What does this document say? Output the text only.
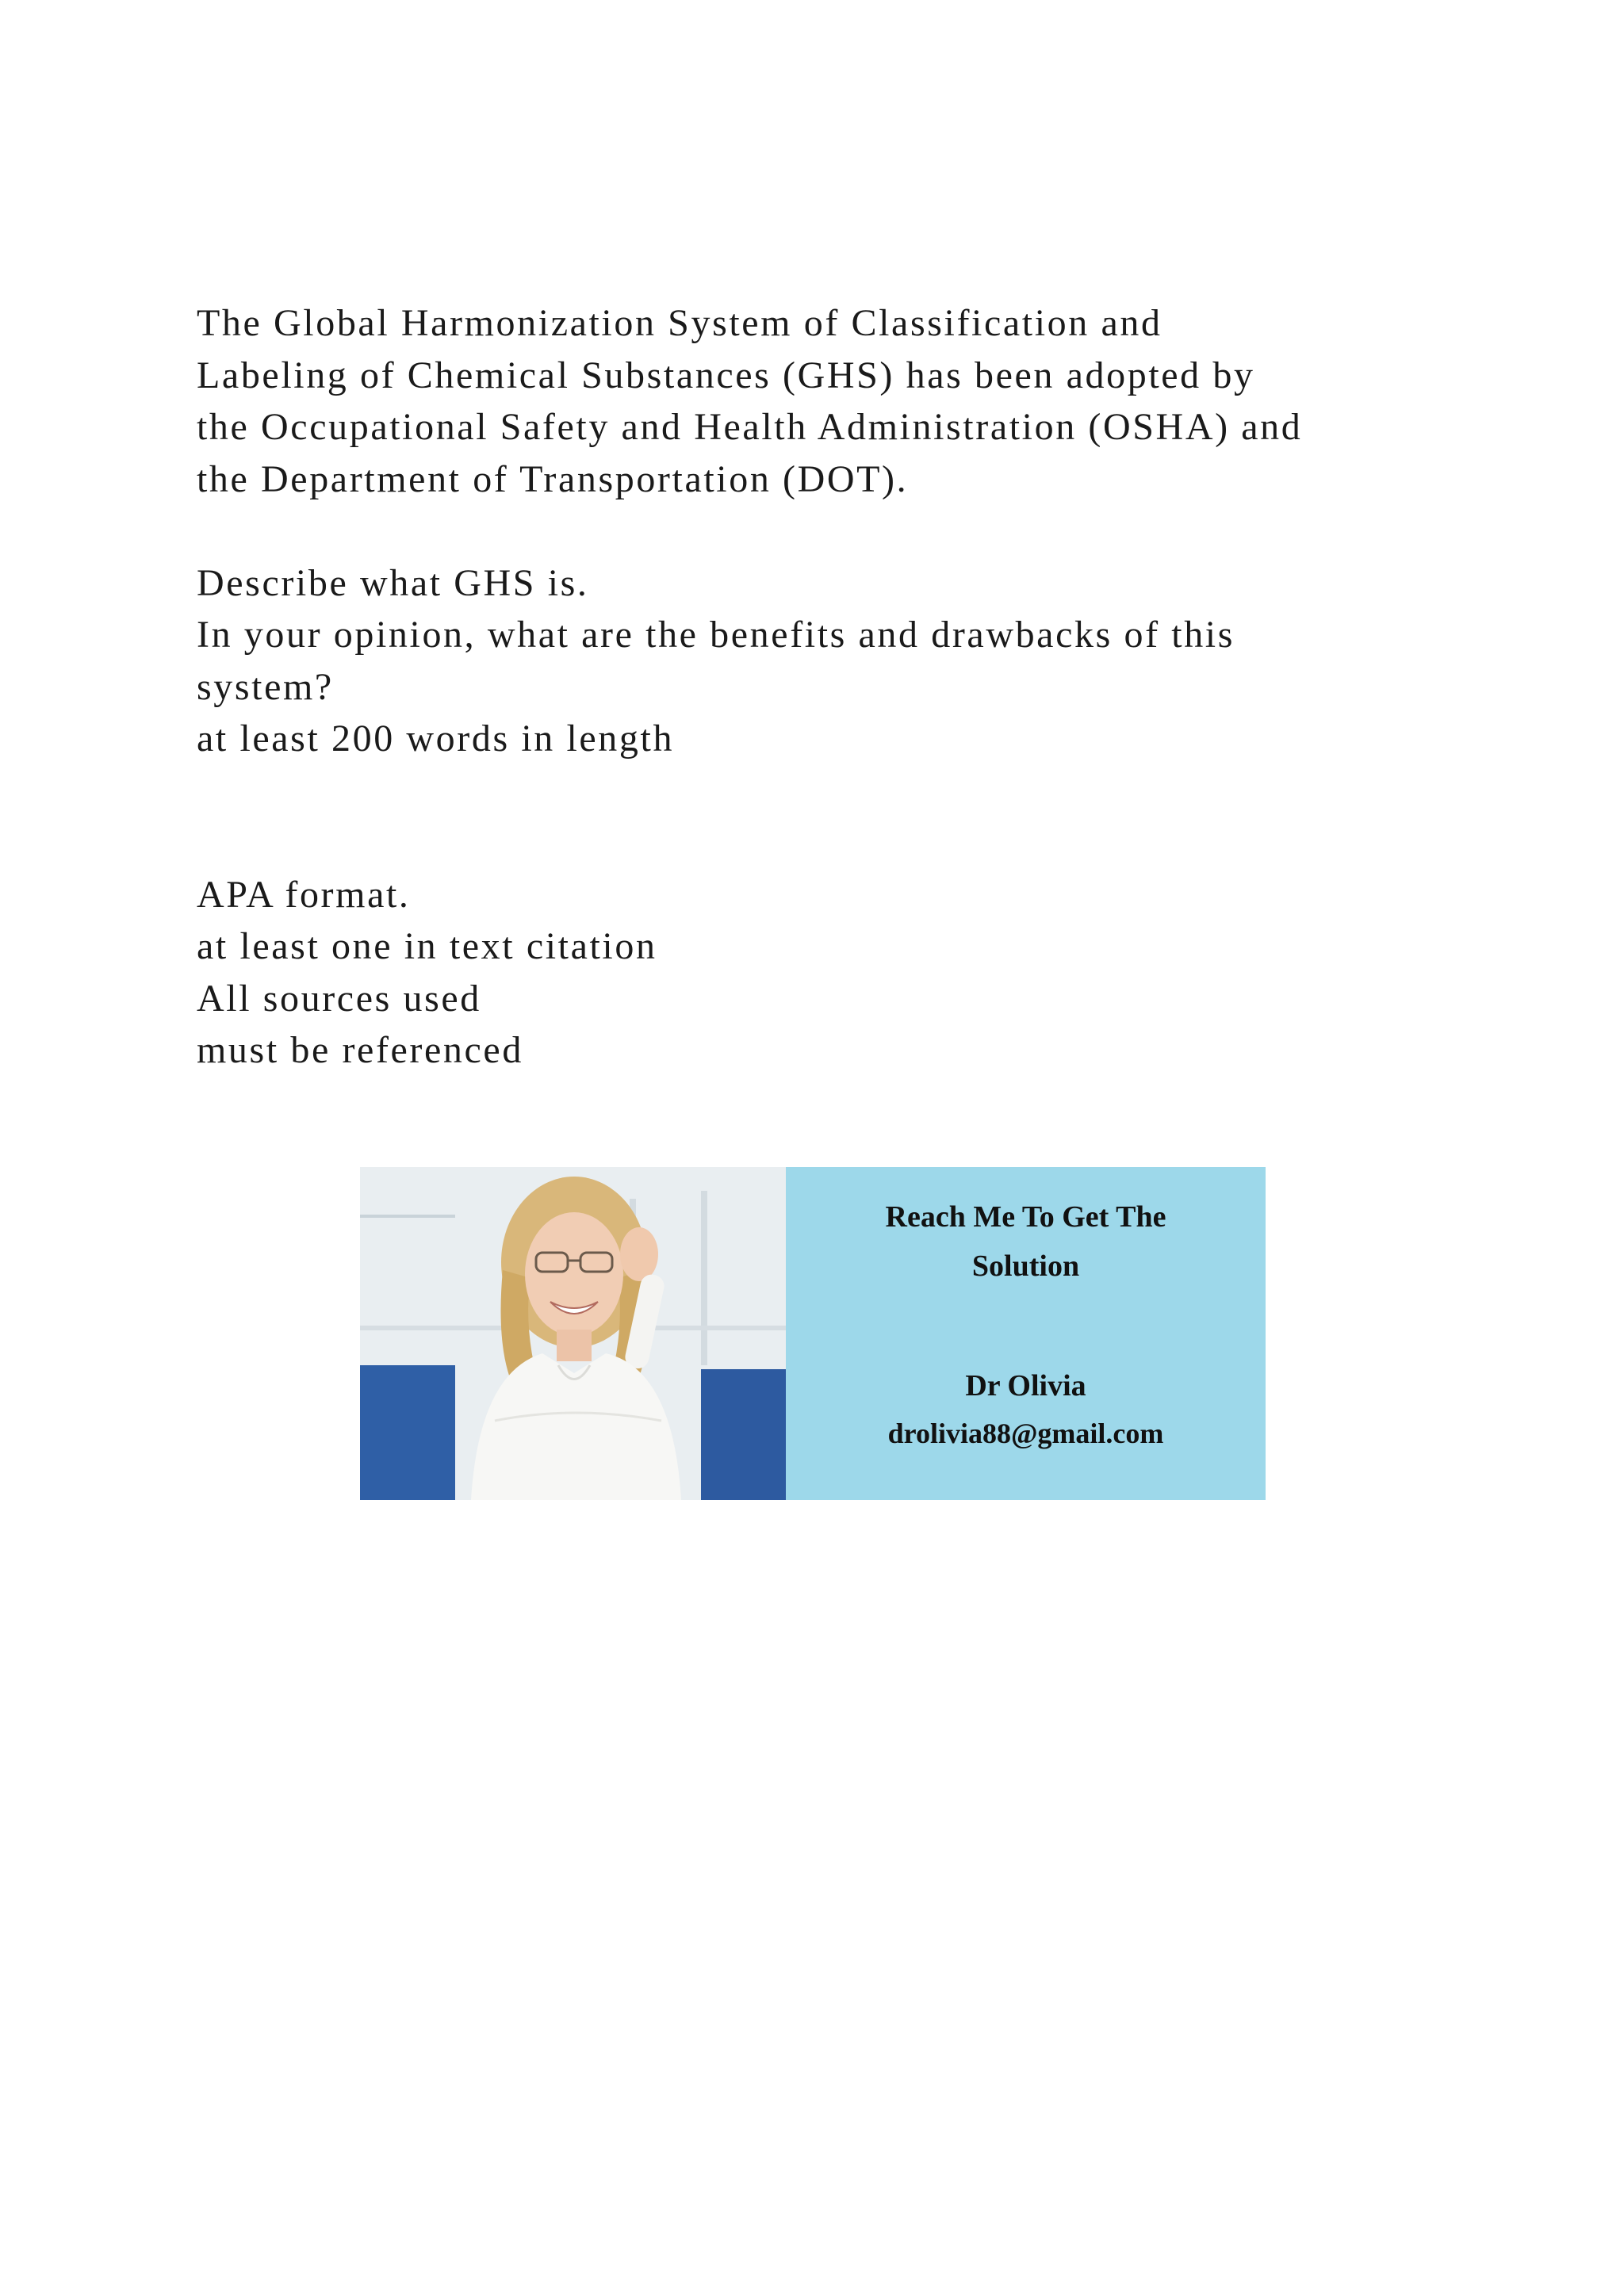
The Global Harmonization System of Classification and
Labeling of Chemical Substances (GHS) has been adopted by
the Occupational Safety and Health Administration (OSHA) and
the Department of Transportation (DOT).
Describe what GHS is.
In your opinion, what are the benefits and drawbacks of this
system?
at least 200 words in length
APA format.
at least one in text citation
All sources used
must be referenced
Reach Me To Get The
Solution
Dr Olivia
drolivia88@gmail.com
